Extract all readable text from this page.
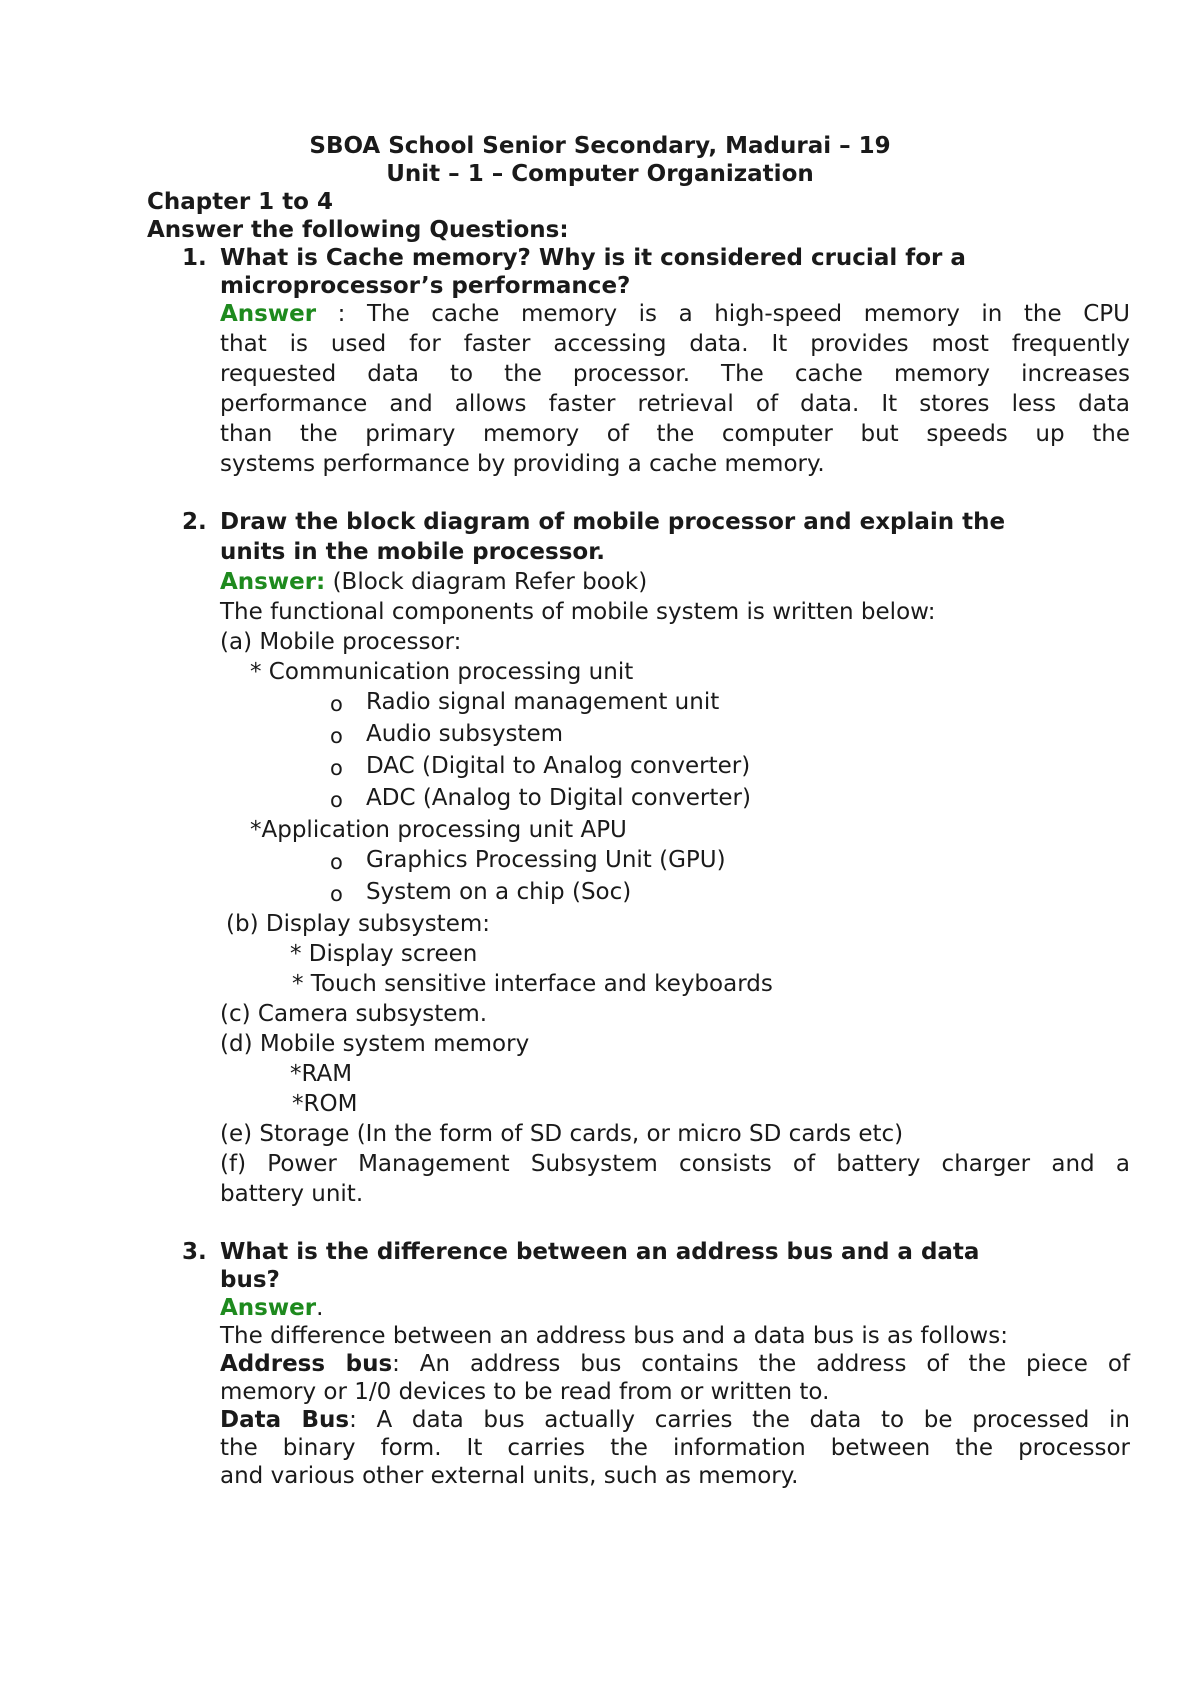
SBOA School Senior Secondary, Madurai – 19
Unit – 1 – Computer Organization
Chapter 1 to 4
Answer the following Questions:
1. What is Cache memory? Why is it considered crucial for a
microprocessor’s performance?
Answer : The cache memory is a high-speed memory in the CPU
that is used for faster accessing data. It provides most frequently
requested data to the processor. The cache memory increases
performance and allows faster retrieval of data. It stores less data
than the primary memory of the computer but speeds up the
systems performance by providing a cache memory.
2. Draw the block diagram of mobile processor and explain the
units in the mobile processor.
Answer: (Block diagram Refer book)
The functional components of mobile system is written below:
(a) Mobile processor:
* Communication processing unit
o Radio signal management unit
o Audio subsystem
o DAC (Digital to Analog converter)
o ADC (Analog to Digital converter)
*Application processing unit APU
o Graphics Processing Unit (GPU)
o System on a chip (Soc)
(b) Display subsystem:
* Display screen
* Touch sensitive interface and keyboards
(c) Camera subsystem.
(d) Mobile system memory
*RAM
*ROM
(e) Storage (In the form of SD cards, or micro SD cards etc)
(f) Power Management Subsystem consists of battery charger and a
battery unit.
3. What is the difference between an address bus and a data
bus?
Answer.
The difference between an address bus and a data bus is as follows:
Address bus: An address bus contains the address of the piece of
memory or 1/0 devices to be read from or written to.
Data Bus: A data bus actually carries the data to be processed in
the binary form. It carries the information between the processor
and various other external units, such as memory.
